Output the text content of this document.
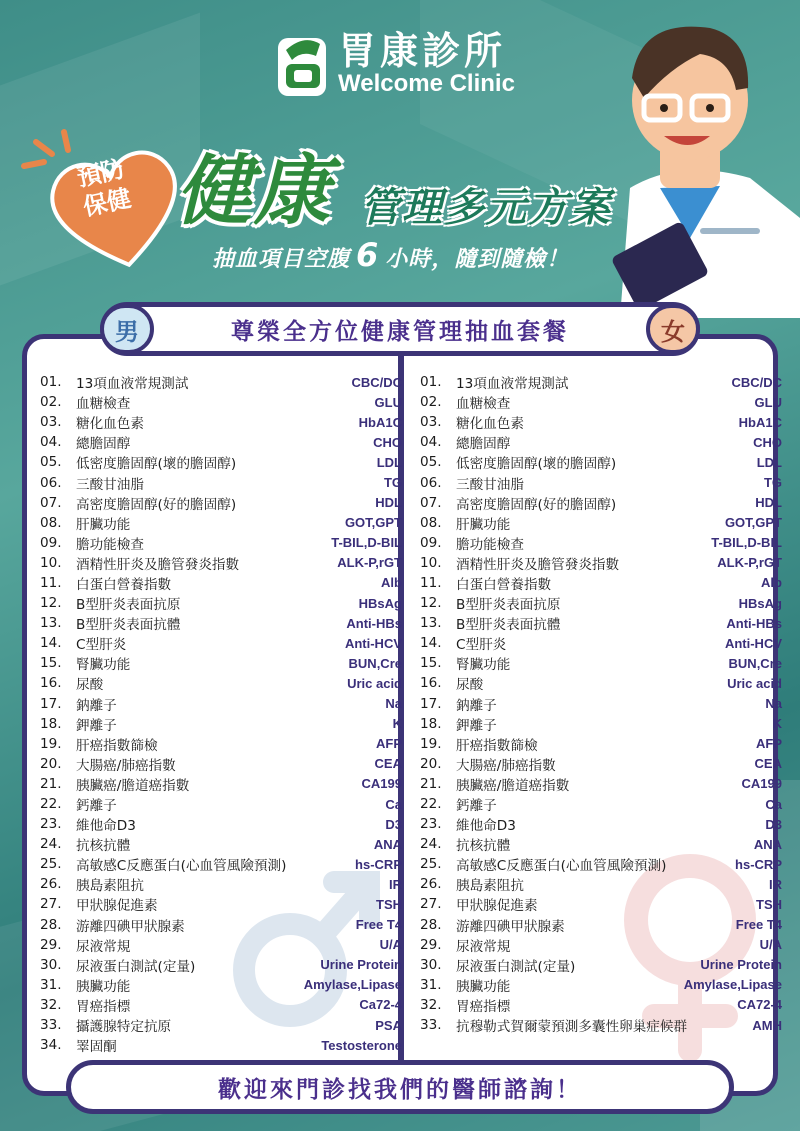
胃康診所
Welcome Clinic
預防
保健 健康 管理多元方案
抽血項目空腹 6 小時，隨到隨檢！
01.	13項血液常規測試	CBC/DC
02.	血糖檢查	GLU
03.	糖化血色素	HbA1C
04.	總膽固醇	CHO
05.	低密度膽固醇(壞的膽固醇)	LDL
06.	三酸甘油脂	TG
07.	高密度膽固醇(好的膽固醇)	HDL
08.	肝臟功能	GOT,GPT
09.	膽功能檢查	T-BIL,D-BIL
10.	酒精性肝炎及膽管發炎指數	ALK-P,rGT
11.	白蛋白營養指數	Alb
12.	B型肝炎表面抗原	HBsAg
13.	B型肝炎表面抗體	Anti-HBs
14.	C型肝炎	Anti-HCV
15.	腎臟功能	BUN,Cre
16.	尿酸	Uric acid
17.	鈉離子	Na
18.	鉀離子	K
19.	肝癌指數篩檢	AFP
20.	大腸癌/肺癌指數	CEA
21.	胰臟癌/膽道癌指數	CA199
22.	鈣離子	Ca
23.	維他命D3	D3
24.	抗核抗體	ANA
25.	高敏感C反應蛋白(心血管風險預測)	hs-CRP
26.	胰島素阻抗	IR
27.	甲狀腺促進素	TSH
28.	游離四碘甲狀腺素	Free T4
29.	尿液常規	U/A
30.	尿液蛋白測試(定量)	Urine Protein
31.	胰臟功能	Amylase,Lipase
32.	胃癌指標	Ca72-4
33.	攝護腺特定抗原	PSA
34.	睪固酮	Testosterone
01.	13項血液常規測試	CBC/DC
02.	血糖檢查	GLU
03.	糖化血色素	HbA1C
04.	總膽固醇	CHO
05.	低密度膽固醇(壞的膽固醇)	LDL
06.	三酸甘油脂	TG
07.	高密度膽固醇(好的膽固醇)	HDL
08.	肝臟功能	GOT,GPT
09.	膽功能檢查	T-BIL,D-BIL
10.	酒精性肝炎及膽管發炎指數	ALK-P,rGT
11.	白蛋白營養指數	Alb
12.	B型肝炎表面抗原	HBsAg
13.	B型肝炎表面抗體	Anti-HBs
14.	C型肝炎	Anti-HCV
15.	腎臟功能	BUN,Cre
16.	尿酸	Uric acid
17.	鈉離子	Na
18.	鉀離子	K
19.	肝癌指數篩檢	AFP
20.	大腸癌/肺癌指數	CEA
21.	胰臟癌/膽道癌指數	CA199
22.	鈣離子	Ca
23.	維他命D3	D3
24.	抗核抗體	ANA
25.	高敏感C反應蛋白(心血管風險預測)	hs-CRP
26.	胰島素阻抗	IR
27.	甲狀腺促進素	TSH
28.	游離四碘甲狀腺素	Free T4
29.	尿液常規	U/A
30.	尿液蛋白測試(定量)	Urine Protein
31.	胰臟功能	Amylase,Lipase
32.	胃癌指標	CA72-4
33.	抗穆勒式賀爾蒙預測多囊性卵巢症候群	AMH
尊榮全方位健康管理抽血套餐
男	女
歡迎來門診找我們的醫師諮詢！
